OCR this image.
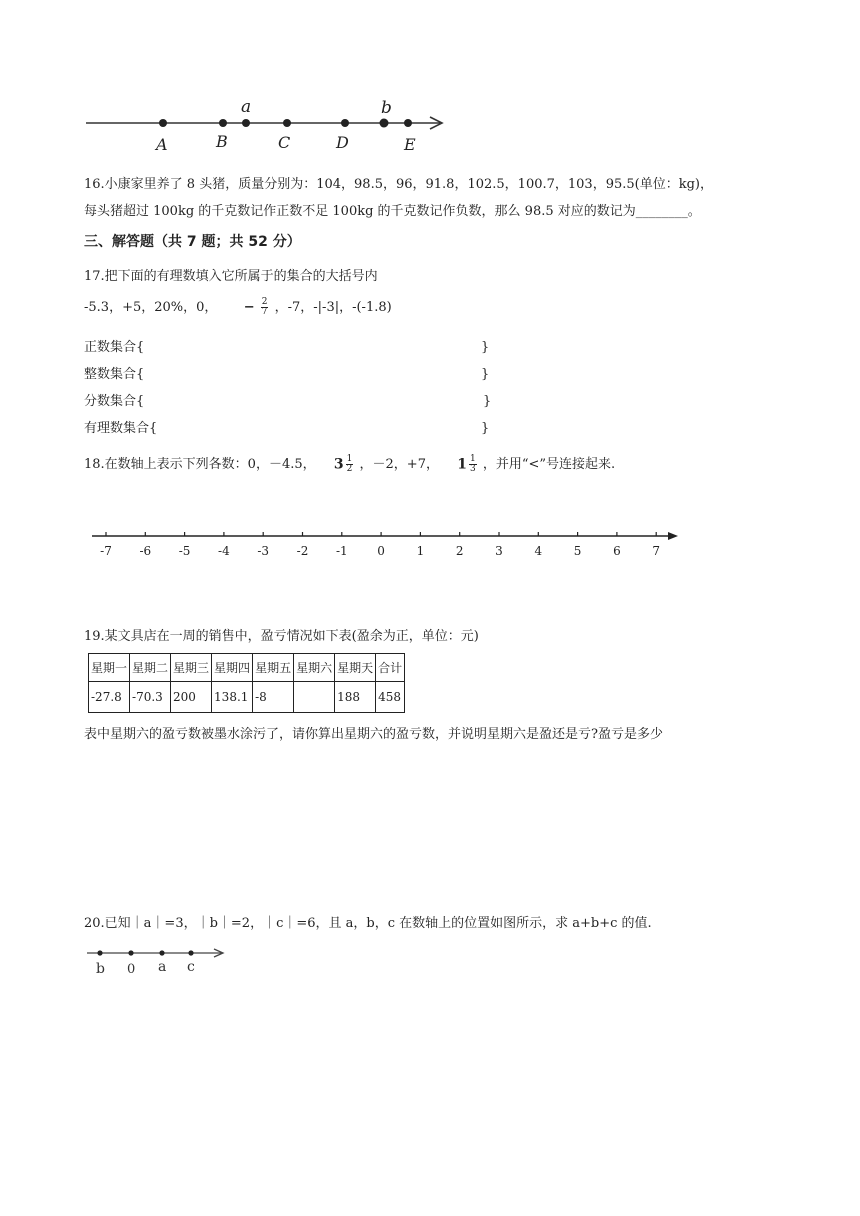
a	b
A	B	C	D	E
16.小康家里养了 8 头猪，质量分别为：104，98.5，96，91.8，102.5，100.7，103，95.5(单位：kg)，
每头猪超过 100kg 的千克数记作正数不足 100kg 的千克数记作负数，那么 98.5 对应的数记为________。
三、解答题（共 7 题；共 52 分）
17.把下面的有理数填入它所属于的集合的大括号内
-5.3，+5，20%，0， − $\frac{2}{7}$ ，-7，-|-3|，-(-1.8)
正数集合{	}
整数集合{	}
分数集合{	}
有理数集合{	}
18.在数轴上表示下列各数：0，－4.5， $3 \frac{1}{2}$ ，－2，+7， $1 \frac{1}{3}$ ，并用“<”号连接起来.
-7 -6 -5 -4 -3 -2 -1 0	1	2	3	4	5	6	7
19.某文具店在一周的销售中，盈亏情况如下表(盈余为正，单位：元)
星期一	星期二	星期三	星期四	星期五	星期六	星期天	合计
-27.8	-70.3	200	138.1	-8		188	458
表中星期六的盈亏数被墨水涂污了，请你算出星期六的盈亏数，并说明星期六是盈还是亏?盈亏是多少
20.已知｜a｜=3，｜b｜=2，｜c｜=6，且 a，b，c 在数轴上的位置如图所示，求 a+b+c 的值.
b 0 a c
